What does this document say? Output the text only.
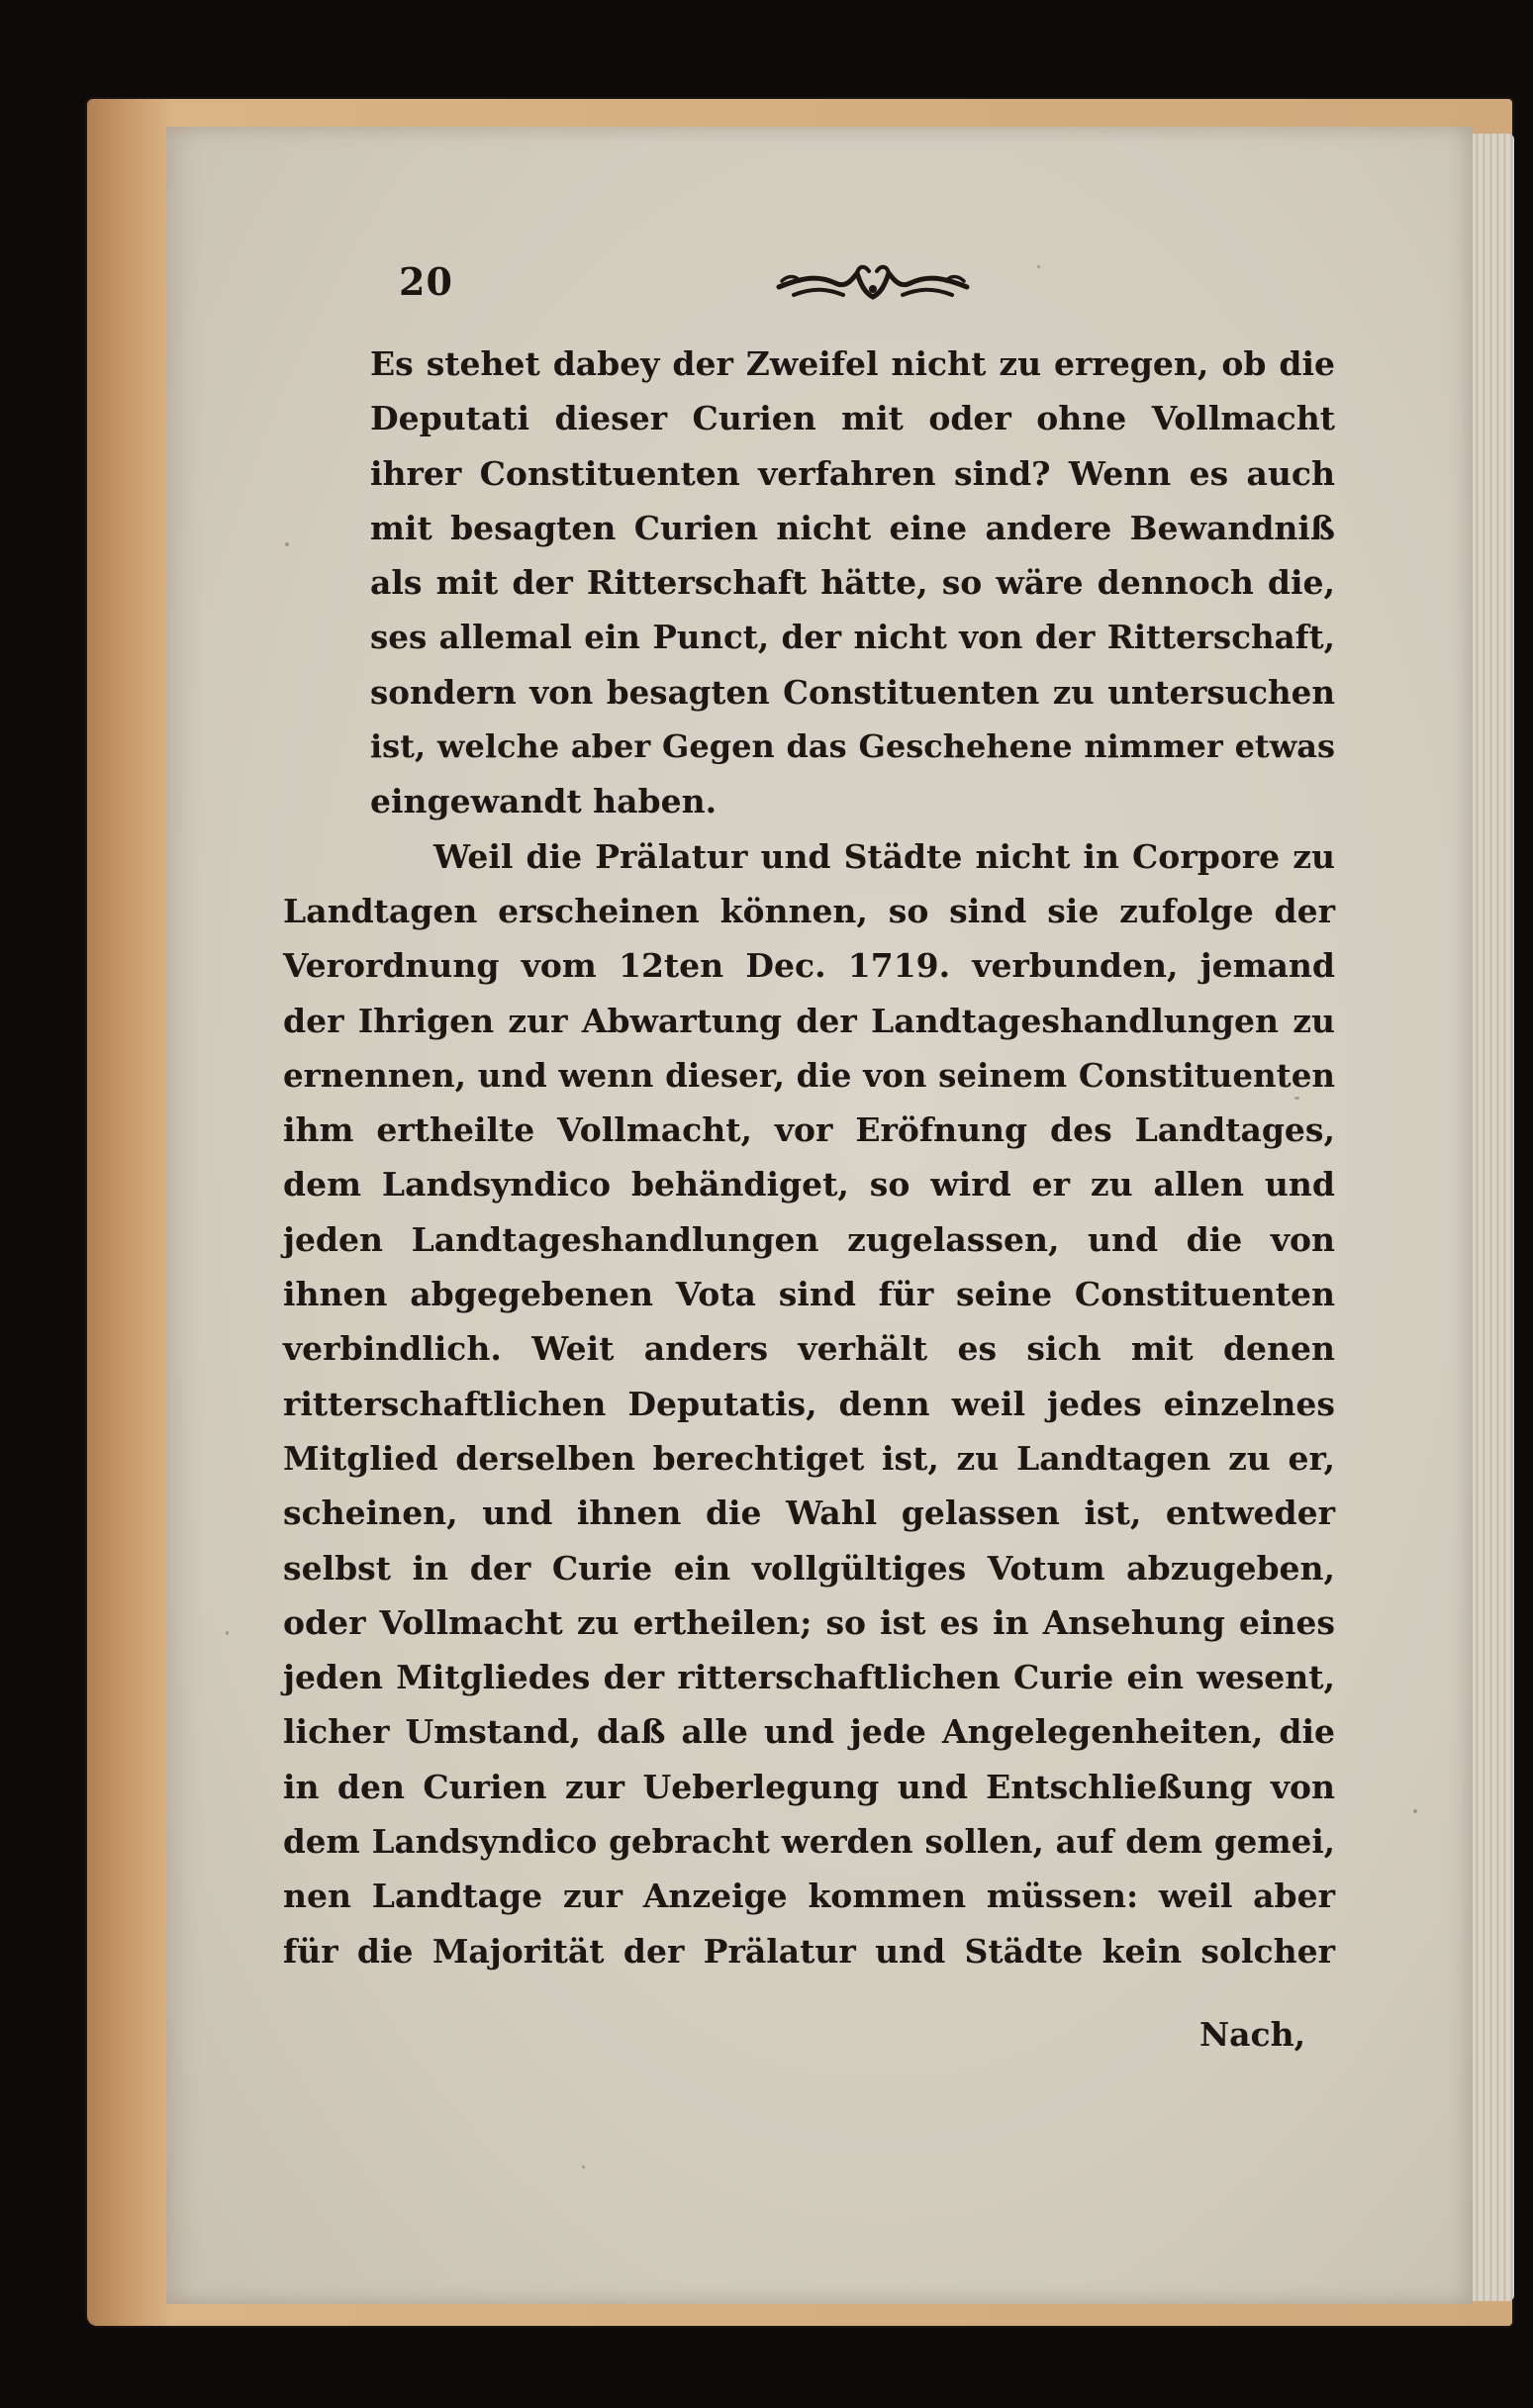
20
Es stehet dabey der Zweifel nicht zu erregen, ob die
Deputati dieser Curien mit oder ohne Vollmacht
ihrer Constituenten verfahren sind? Wenn es auch
mit besagten Curien nicht eine andere Bewandniß
als mit der Ritterschaft hätte, so wäre dennoch die,
ses allemal ein Punct, der nicht von der Ritterschaft,
sondern von besagten Constituenten zu untersuchen
ist, welche aber Gegen das Geschehene nimmer etwas
eingewandt haben.
Weil die Prälatur und Städte nicht in Corpore zu
Landtagen erscheinen können, so sind sie zufolge der
Verordnung vom 12ten Dec. 1719. verbunden, jemand
der Ihrigen zur Abwartung der Landtageshandlungen zu
ernennen, und wenn dieser, die von seinem Constituenten
ihm ertheilte Vollmacht, vor Eröfnung des Landtages,
dem Landsyndico behändiget, so wird er zu allen und
jeden Landtageshandlungen zugelassen, und die von
ihnen abgegebenen Vota sind für seine Constituenten
verbindlich. Weit anders verhält es sich mit denen
ritterschaftlichen Deputatis, denn weil jedes einzelnes
Mitglied derselben berechtiget ist, zu Landtagen zu er,
scheinen, und ihnen die Wahl gelassen ist, entweder
selbst in der Curie ein vollgültiges Votum abzugeben,
oder Vollmacht zu ertheilen; so ist es in Ansehung eines
jeden Mitgliedes der ritterschaftlichen Curie ein wesent,
licher Umstand, daß alle und jede Angelegenheiten, die
in den Curien zur Ueberlegung und Entschließung von
dem Landsyndico gebracht werden sollen, auf dem gemei,
nen Landtage zur Anzeige kommen müssen: weil aber
für die Majorität der Prälatur und Städte kein solcher
Nach,
